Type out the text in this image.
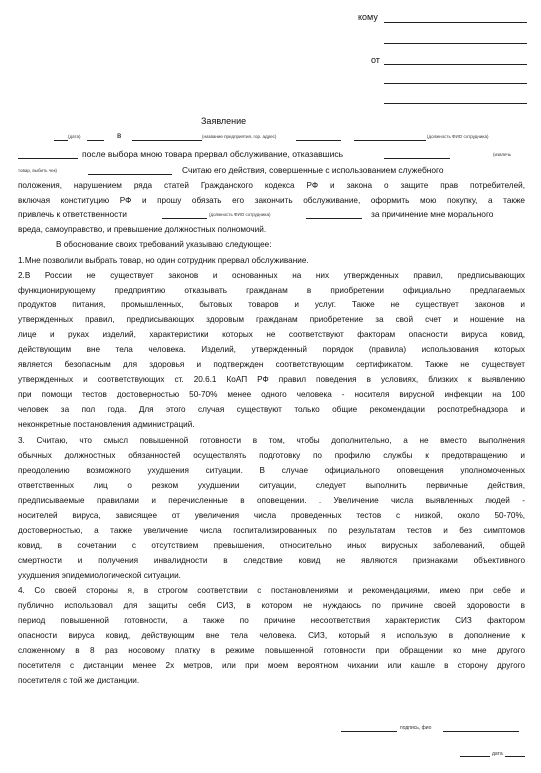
кому
от
Заявление
(дата)	в	(название предприятия, гор. адрес)	(должность ФИО сотрудника)
после выбора мною товара прервал обслуживание, отказавшись	(извлечь
товар, выбить чек)	Считаю его действия, совершенные с использованием служебного
положения, нарушением ряда статей Гражданского кодекса РФ и закона о защите прав потребителей,
включая конституцию РФ и прошу обязать его закончить обслуживание, оформить мою покупку, а также
привлечь к ответственности	(должность ФИО сотрудника)	за причинение мне морального
вреда, самоуправство, и превышение должностных полномочий.
В обоснование своих требований указываю следующее:
1.Мне позволили выбрать товар, но один сотрудник прервал обслуживание.
2.В России не существует законов и основанных на них утвержденных правил, предписывающих
функционирующему предприятию отказывать гражданам в приобретении официально предлагаемых
продуктов питания, промышленных, бытовых товаров и услуг. Также не существует законов и
утвержденных правил, предписывающих здоровым гражданам приобретение за свой счет и ношение на
лице и руках изделий, характеристики которых не соответствуют факторам опасности вируса ковид,
действующим вне тела человека. Изделий, утвержденный порядок (правила) использования которых
является безопасным для здоровья и подтвержден соответствующим сертификатом. Также не существует
утвержденных и соответствующих ст. 20.6.1 КоАП РФ правил поведения в условиях, близких к выявлению
при помощи тестов достоверностью 50-70% менее одного человека - носителя вирусной инфекции на 100
человек за пол года. Для этого случая существуют только общие рекомендации роспотребнадзора и
неконкретные постановления администраций.
3. Считаю, что смысл повышенной готовности в том, чтобы дополнительно, а не вместо выполнения
обычных должностных обязанностей осуществлять подготовку по профилю службы к предотвращению и
преодолению возможного ухудшения ситуации. В случае официального оповещения уполномоченных
ответственных лиц о резком ухудшении ситуации, следует выполнить первичные действия,
предписываемые правилами и перечисленные в оповещении. . Увеличение числа выявленных людей -
носителей вируса, зависящее от увеличения числа проведенных тестов с низкой, около 50-70%,
достоверностью, а также увеличение числа госпитализированных по результатам тестов и без симптомов
ковид, в сочетании с отсутствием превышения, относительно иных вирусных заболеваний, общей
смертности и получения инвалидности в следствие ковид не являются признаками объективного
ухудшения эпидемиологической ситуации.
4. Со своей стороны я, в строгом соответствии с постановлениями и рекомендациями, имею при себе и
публично использовал для защиты себя СИЗ, в котором не нуждаюсь по причине своей здоровости в
период повышенной готовности, а также по причине несоответствия характеристик СИЗ фактором
опасности вируса ковид, действующим вне тела человека. СИЗ, который я использую в дополнение к
сложенному в 8 раз носовому платку в режиме повышенной готовности при обращении ко мне другого
посетителя с дистанции менее 2х метров, или при моем вероятном чихании или кашле в сторону другого
посетителя с той же дистанции.
подпись, фио
дата
